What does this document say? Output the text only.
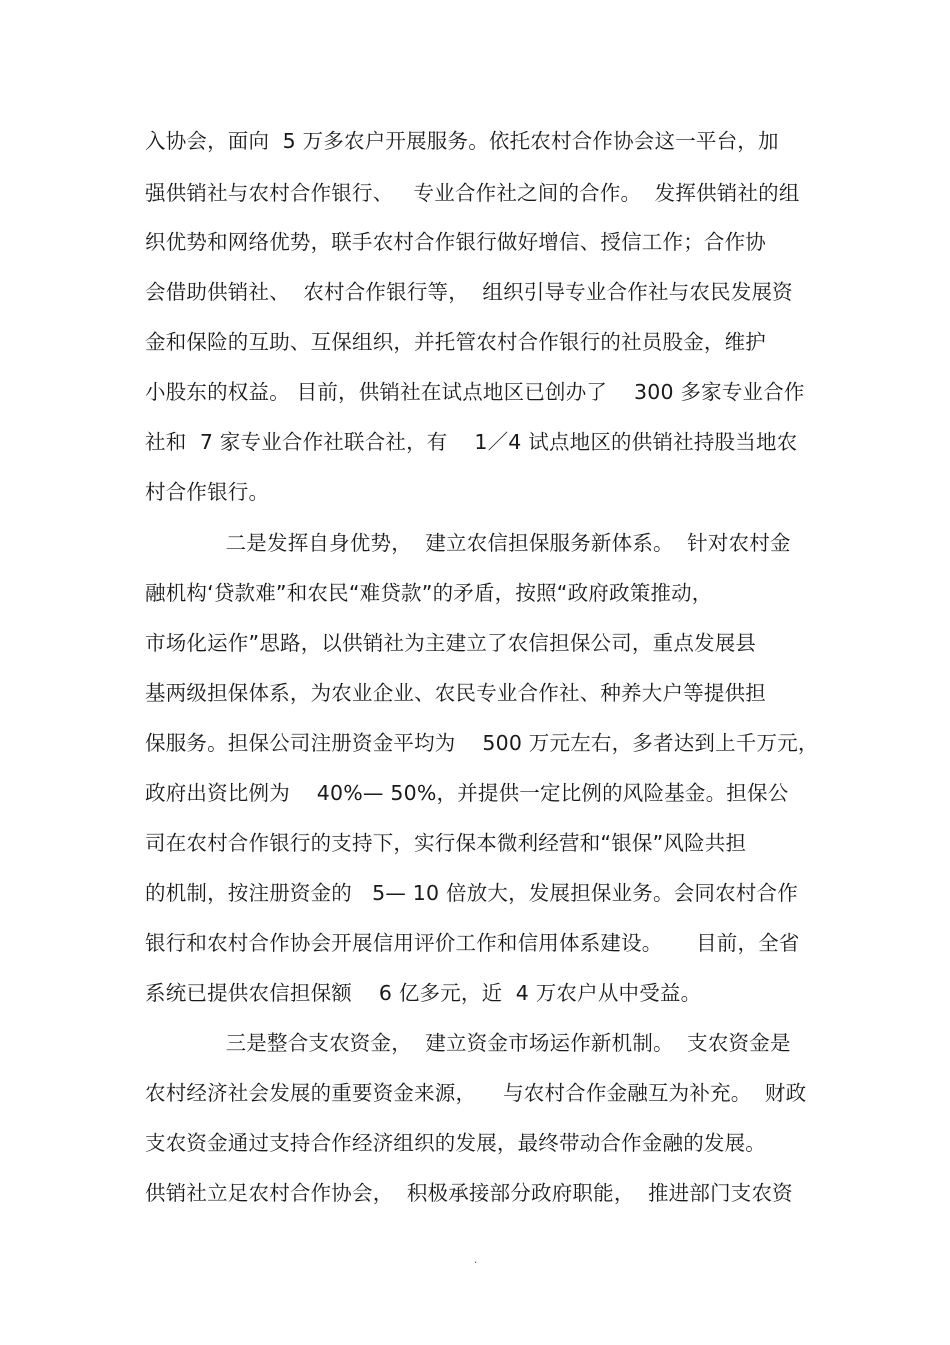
入协会，面向  5 万多农户开展服务。依托农村合作协会这一平台，加
强供销社与农村合作银行、   专业合作社之间的合作。  发挥供销社的组
织优势和网络优势，联手农村合作银行做好增信、授信工作；合作协
会借助供销社、  农村合作银行等，  组织引导专业合作社与农民发展资
金和保险的互助、互保组织，并托管农村合作银行的社员股金，维护
小股东的权益。 目前，供销社在试点地区已创办了    300 多家专业合作
社和  7 家专业合作社联合社，有    1／4 试点地区的供销社持股当地农
村合作银行。
二是发挥自身优势，  建立农信担保服务新体系。  针对农村金
融机构‘贷款难”和农民“难贷款”的矛盾，按照“政府政策推动，
市场化运作”思路，以供销社为主建立了农信担保公司，重点发展县
基两级担保体系，为农业企业、农民专业合作社、种养大户等提供担
保服务。担保公司注册资金平均为    500 万元左右，多者达到上千万元，
政府出资比例为    40%— 50%，并提供一定比例的风险基金。担保公
司在农村合作银行的支持下，实行保本微利经营和“银保”风险共担
的机制，按注册资金的   5— 10 倍放大，发展担保业务。会同农村合作
银行和农村合作协会开展信用评价工作和信用体系建设。     目前，全省
系统已提供农信担保额    6 亿多元，近  4 万农户从中受益。
三是整合支农资金，  建立资金市场运作新机制。  支农资金是
农村经济社会发展的重要资金来源，    与农村合作金融互为补充。  财政
支农资金通过支持合作经济组织的发展，最终带动合作金融的发展。
供销社立足农村合作协会，  积极承接部分政府职能，  推进部门支农资
.
